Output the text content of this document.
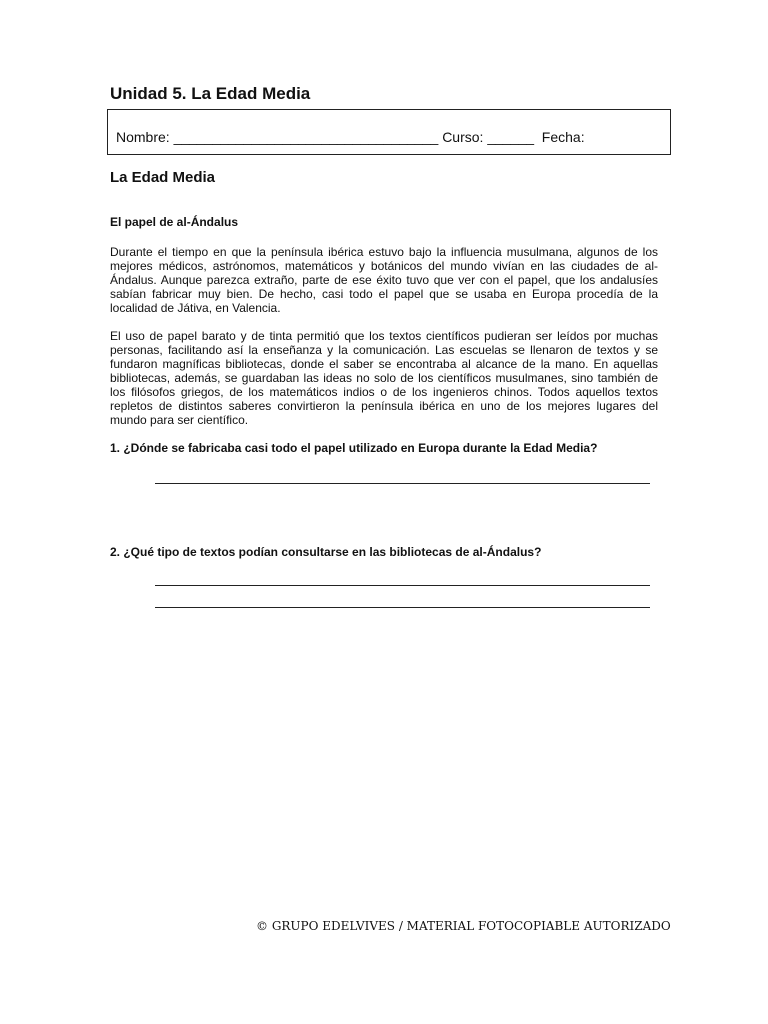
Unidad 5. La Edad Media
Nombre: __________________________________ Curso: ______  Fecha:
La Edad Media
El papel de al-Ándalus

Durante el tiempo en que la península ibérica estuvo bajo la influencia musulmana, algunos de los mejores médicos, astrónomos, matemáticos y botánicos del mundo vivían en las ciudades de al-Ándalus. Aunque parezca extraño, parte de ese éxito tuvo que ver con el papel, que los andalusíes sabían fabricar muy bien. De hecho, casi todo el papel que se usaba en Europa procedía de la localidad de Játiva, en Valencia.

El uso de papel barato y de tinta permitió que los textos científicos pudieran ser leídos por muchas personas, facilitando así la enseñanza y la comunicación. Las escuelas se llenaron de textos y se fundaron magníficas bibliotecas, donde el saber se encontraba al alcance de la mano. En aquellas bibliotecas, además, se guardaban las ideas no solo de los científicos musulmanes, sino también de los filósofos griegos, de los matemáticos indios o de los ingenieros chinos. Todos aquellos textos repletos de distintos saberes convirtieron la península ibérica en uno de los mejores lugares del mundo para ser científico.

1. ¿Dónde se fabricaba casi todo el papel utilizado en Europa durante la Edad Media?

2. ¿Qué tipo de textos podían consultarse en las bibliotecas de al-Ándalus?

© GRUPO EDELVIVES / MATERIAL FOTOCOPIABLE AUTORIZADO
